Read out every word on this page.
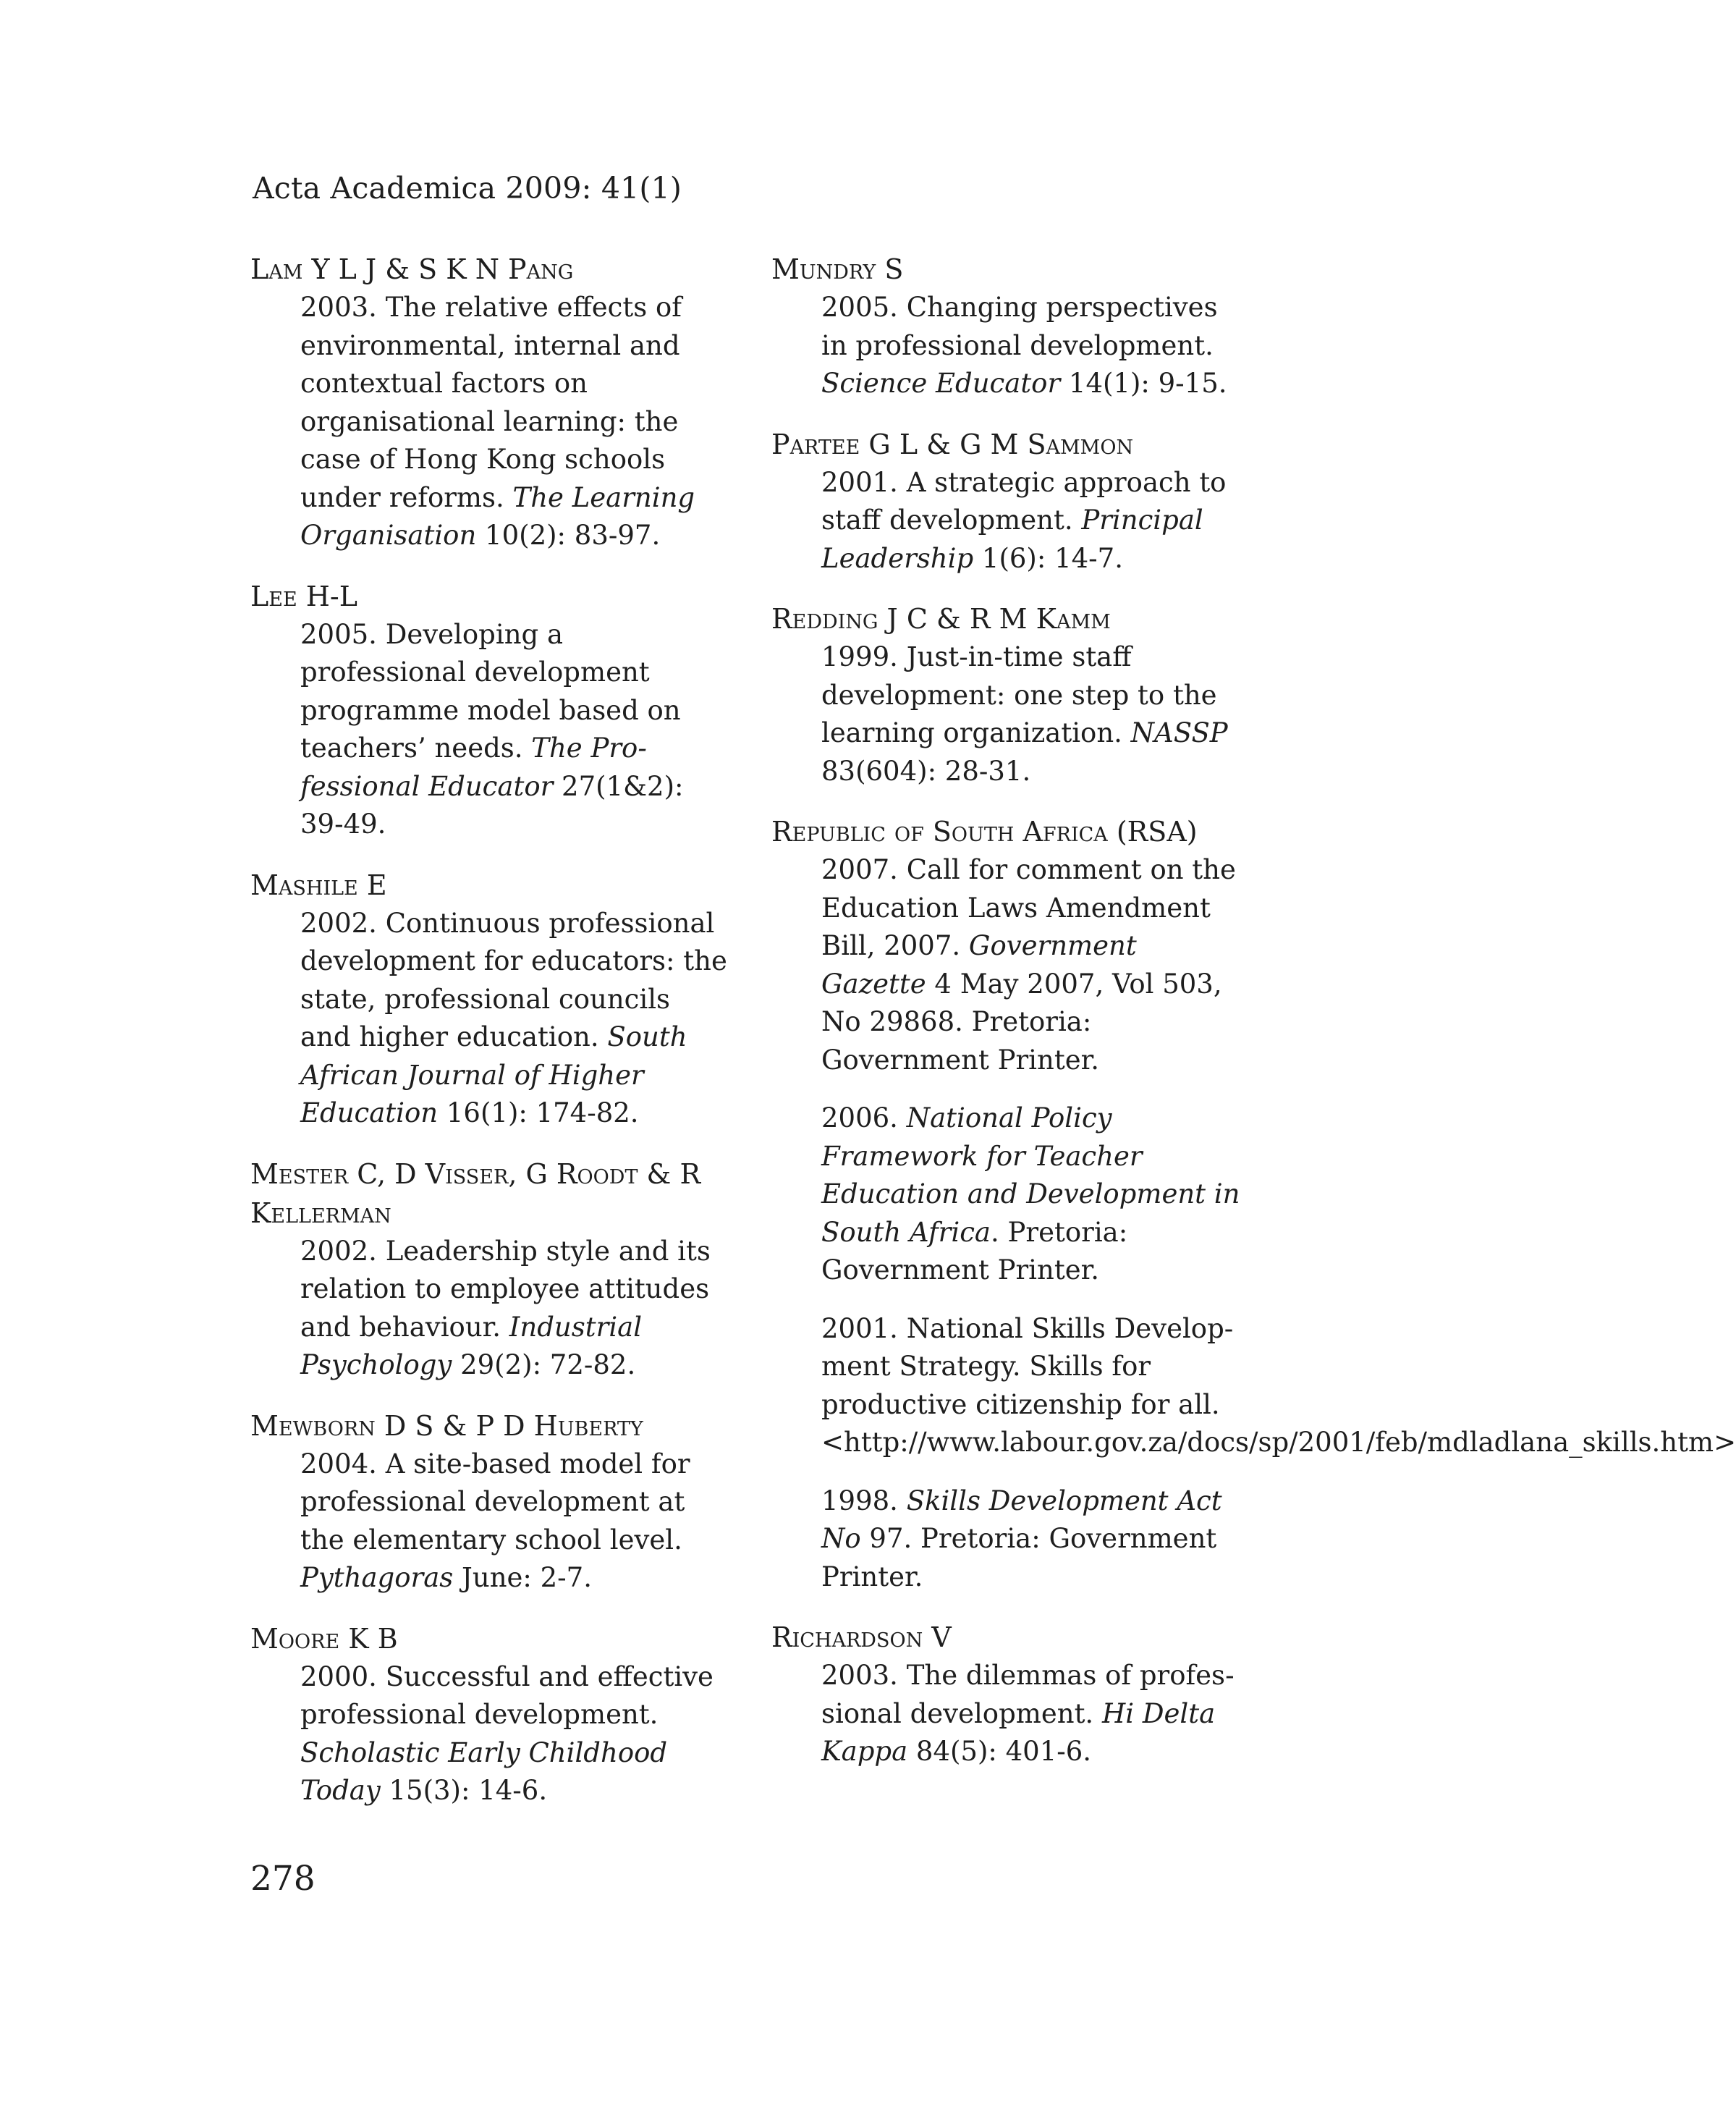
Acta Academica 2009: 41(1)
Lam Y L J & S K N Pang
2003. The relative effects of environmental, internal and contextual factors on organisational learning: the case of Hong Kong schools under reforms. The Learning Organisation 10(2): 83-97.
Lee H-L
2005. Developing a professional development programme model based on teachers’ needs. The Professional Educator 27(1&2): 39-49.
Mashile E
2002. Continuous professional development for educators: the state, professional councils and higher education. South African Journal of Higher Education 16(1): 174-82.
Mester C, D Visser, G Roodt & R Kellerman
2002. Leadership style and its relation to employee attitudes and behaviour. Industrial Psychology 29(2): 72-82.
Mewborn D S & P D Huberty
2004. A site-based model for professional development at the elementary school level. Pythagoras June: 2-7.
Moore K B
2000. Successful and effective professional development. Scholastic Early Childhood Today 15(3): 14-6.
Mundry S
2005. Changing perspectives in professional development. Science Educator 14(1): 9-15.
Partee G L & G M Sammon
2001. A strategic approach to staff development. Principal Leadership 1(6): 14-7.
Redding J C & R M Kamm
1999. Just-in-time staff development: one step to the learning organization. NASSP 83(604): 28-31.
Republic of South Africa (RSA)
2007. Call for comment on the Education Laws Amendment Bill, 2007. Government Gazette 4 May 2007, Vol 503, No 29868. Pretoria: Government Printer.
2006. National Policy Framework for Teacher Education and Development in South Africa. Pretoria: Government Printer.
2001. National Skills Development Strategy. Skills for productive citizenship for all. <http://www.labour.gov.za/docs/sp/2001/feb/mdladlana_skills.htm>
1998. Skills Development Act No 97. Pretoria: Government Printer.
Richardson V
2003. The dilemmas of professional development. Hi Delta Kappa 84(5): 401-6.
278
